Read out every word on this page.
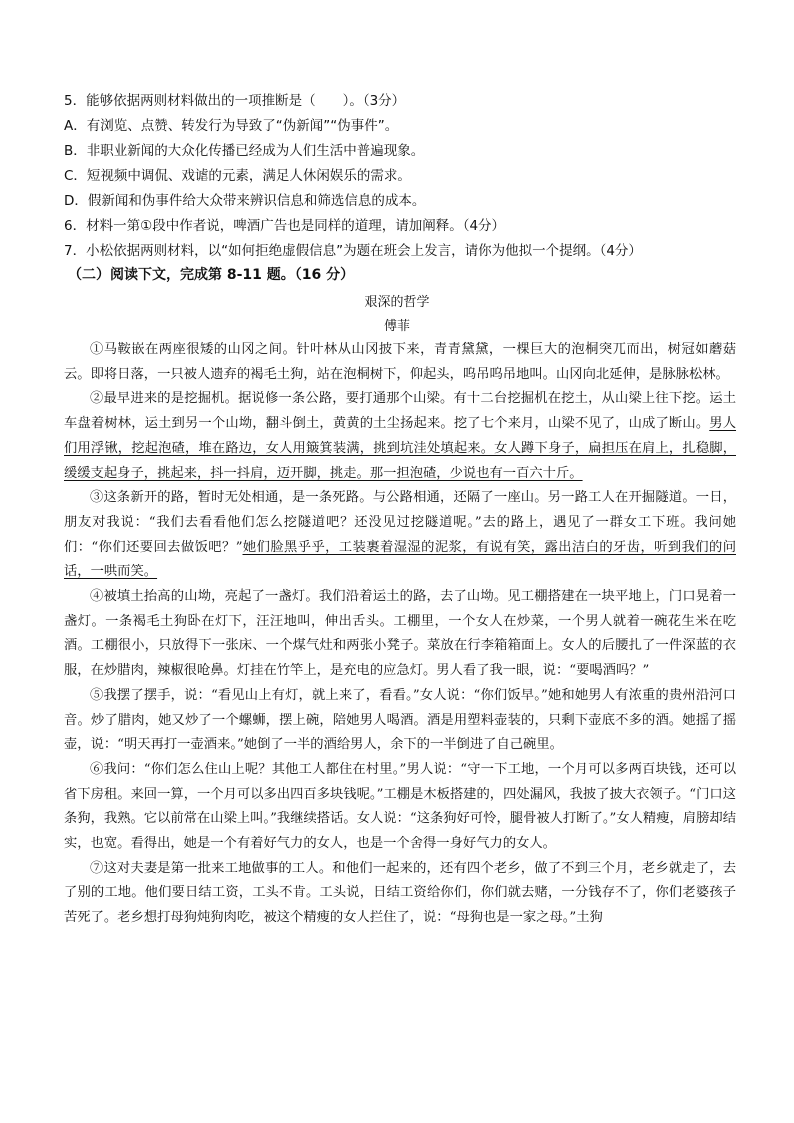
5．能够依据两则材料做出的一项推断是（　　）。（3分）
A．有浏览、点赞、转发行为导致了“伪新闻”“伪事件”。
B．非职业新闻的大众化传播已经成为人们生活中普遍现象。
C．短视频中调侃、戏谑的元素，满足人休闲娱乐的需求。
D．假新闻和伪事件给大众带来辨识信息和筛选信息的成本。
6．材料一第①段中作者说，啤酒广告也是同样的道理，请加阐释。（4分）
7．小松依据两则材料，以“如何拒绝虚假信息”为题在班会上发言，请你为他拟一个提纲。（4分）
（二）阅读下文，完成第 8-11 题。（16 分）
艰深的哲学
傅菲

①马鞍嵌在两座很矮的山冈之间。针叶林从山冈披下来，青青黛黛，一棵巨大的泡桐突兀而出，树冠如蘑菇云。即将日落，一只被人遗弃的褐毛土狗，站在泡桐树下，仰起头，呜吊呜吊地叫。山冈向北延伸，是脉脉松林。

②最早进来的是挖掘机。据说修一条公路，要打通那个山梁。有十二台挖掘机在挖土，从山梁上往下挖。运土车盘着树林，运土到另一个山坳，翻斗倒土，黄黄的土尘扬起来。挖了七个来月，山梁不见了，山成了断山。男人们用浮锹，挖起泡碴，堆在路边，女人用簸箕装满，挑到坑洼处填起来。女人蹲下身子，扁担压在肩上，扎稳脚，缓缓支起身子，挑起来，抖一抖肩，迈开脚，挑走。那一担泡碴，少说也有一百六十斤。

③这条新开的路，暂时无处相通，是一条死路。与公路相通，还隔了一座山。另一路工人在开掘隧道。一日，朋友对我说：“我们去看看他们怎么挖隧道吧？还没见过挖隧道呢。”去的路上，遇见了一群女工下班。我问她们：“你们还要回去做饭吧？”她们脸黑乎乎，工装裹着湿湿的泥浆，有说有笑，露出洁白的牙齿，听到我们的问话，一哄而笑。

④被填土抬高的山坳，亮起了一盏灯。我们沿着运土的路，去了山坳。见工棚搭建在一块平地上，门口晃着一盏灯。一条褐毛土狗卧在灯下，汪汪地叫，伸出舌头。工棚里，一个女人在炒菜，一个男人就着一碗花生米在吃酒。工棚很小，只放得下一张床、一个煤气灶和两张小凳子。菜放在行李箱箱面上。女人的后腰扎了一件深蓝的衣服，在炒腊肉，辣椒很呛鼻。灯挂在竹竿上，是充电的应急灯。男人看了我一眼，说：“要喝酒吗？”

⑤我摆了摆手，说：“看见山上有灯，就上来了，看看。”女人说：“你们饭早。”她和她男人有浓重的贵州沿河口音。炒了腊肉，她又炒了一个螺蛳，摆上碗，陪她男人喝酒。酒是用塑料壶装的，只剩下壶底不多的酒。她摇了摇壶，说：“明天再打一壶酒来。”她倒了一半的酒给男人，余下的一半倒进了自己碗里。

⑥我问：“你们怎么住山上呢？其他工人都住在村里。”男人说：“守一下工地，一个月可以多两百块钱，还可以省下房租。来回一算，一个月可以多出四百多块钱呢。”工棚是木板搭建的，四处漏风，我披了披大衣领子。“门口这条狗，我熟。它以前常在山梁上叫。”我继续搭话。女人说：“这条狗好可怜，腿骨被人打断了。”女人精瘦，肩膀却结实，也宽。看得出，她是一个有着好气力的女人，也是一个舍得一身好气力的女人。

⑦这对夫妻是第一批来工地做事的工人。和他们一起来的，还有四个老乡，做了不到三个月，老乡就走了，去了别的工地。他们要日结工资，工头不肯。工头说，日结工资给你们，你们就去赌，一分钱存不了，你们老婆孩子苦死了。老乡想打母狗炖狗肉吃，被这个精瘦的女人拦住了，说：“母狗也是一家之母。”土狗
